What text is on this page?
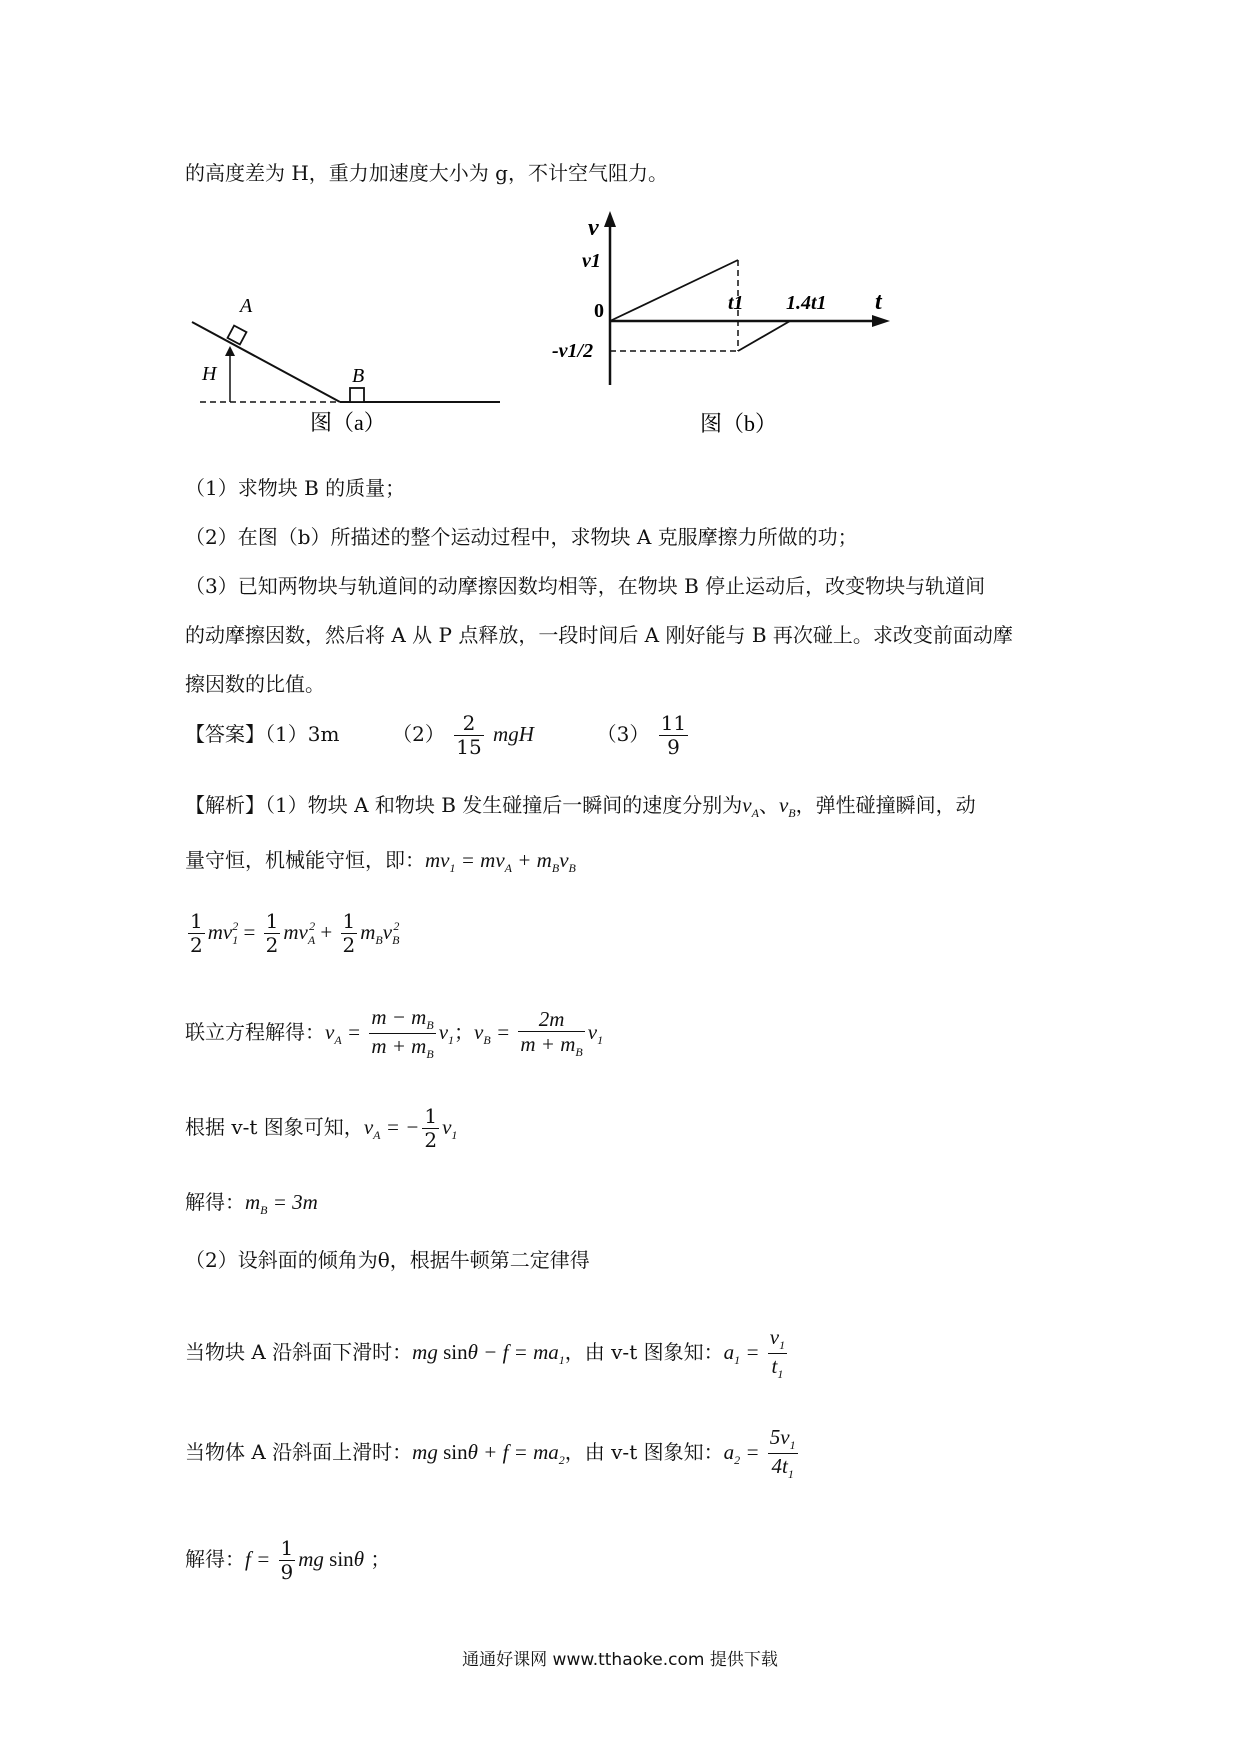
的高度差为 H，重力加速度大小为 g，不计空气阻力。
A
H	B
图（a）
v
v1
0
-v1/2
t1 1.4t1 t
图（b）
（1）求物块 B 的质量；
（2）在图（b）所描述的整个运动过程中，求物块 A 克服摩擦力所做的功；
（3）已知两物块与轨道间的动摩擦因数均相等，在物块 B 停止运动后，改变物块与轨道间
的动摩擦因数，然后将 A 从 P 点释放，一段时间后 A 刚好能与 B 再次碰上。求改变前面动摩
擦因数的比值。
【答案】（1）3m	$(2) \frac{2}{15}$ mgH	$(3) \frac{11}{9}$
【解析】（1）物块 A 和物块 B 发生碰撞后一瞬间的速度分别为$v_A$、$v_B$，弹性碰撞瞬间，动
量守恒，机械能守恒，即：$mv_1 = mv_A + m_Bv_B$
$\frac{1}{2} mv_1^2 = \frac{1}{2} mv_A^2 + \frac{1}{2} m_Bv_B^2$
联立方程解得：$v_A = \frac{m - m_B}{m + m_B} v_1$；$v_B = \frac{2m}{m + m_B} v_1$
根据 v-t 图象可知，$v_A$ = − $\frac{1}{2} v_1$
解得：$m_B = 3m$
（2）设斜面的倾角为θ，根据牛顿第二定律得
当物块 A 沿斜面下滑时：mg $\sin\theta - f = ma_1$，由 v-t 图象知：$a_1 = \frac{v_1}{t_1}$
当物体 A 沿斜面上滑时：mg $\sin\theta + f = ma_2$，由 v-t 图象知：$a_2 = \frac{5v_1}{4t_1}$
解得：$f = \frac{1}{9}$ mg sinθ ；
通通好课网 www.tthaoke.com 提供下载
